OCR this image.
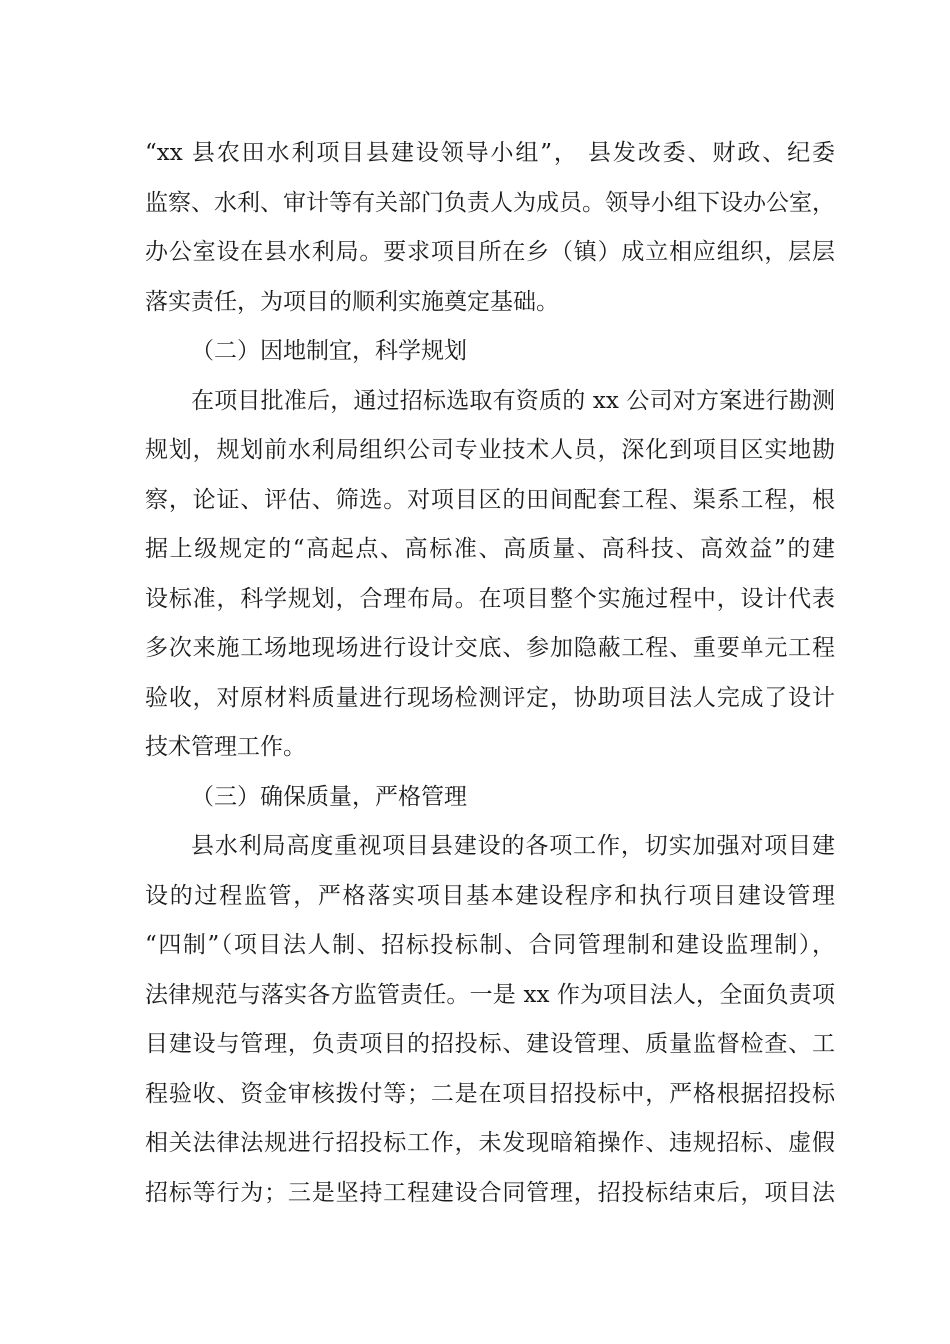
“xx 县农田水利项目县建设领导小组”， 县发改委、财政、纪委
监察、水利、审计等有关部门负责人为成员。领导小组下设办公室，
办公室设在县水利局。要求项目所在乡（镇）成立相应组织，层层
落实责任，为项目的顺利实施奠定基础。
（二）因地制宜，科学规划
在项目批准后，通过招标选取有资质的 xx 公司对方案进行勘测
规划，规划前水利局组织公司专业技术人员，深化到项目区实地勘
察，论证、评估、筛选。对项目区的田间配套工程、渠系工程，根
据上级规定的“高起点、高标准、高质量、高科技、高效益”的建
设标准，科学规划，合理布局。在项目整个实施过程中，设计代表
多次来施工场地现场进行设计交底、参加隐蔽工程、重要单元工程
验收，对原材料质量进行现场检测评定，协助项目法人完成了设计
技术管理工作。
（三）确保质量，严格管理
县水利局高度重视项目县建设的各项工作，切实加强对项目建
设的过程监管，严格落实项目基本建设程序和执行项目建设管理
“四制”（项目法人制、招标投标制、合同管理制和建设监理制），
法律规范与落实各方监管责任。一是 xx 作为项目法人，全面负责项
目建设与管理，负责项目的招投标、建设管理、质量监督检查、工
程验收、资金审核拨付等；二是在项目招投标中，严格根据招投标
相关法律法规进行招投标工作，未发现暗箱操作、违规招标、虚假
招标等行为；三是坚持工程建设合同管理，招投标结束后，项目法
